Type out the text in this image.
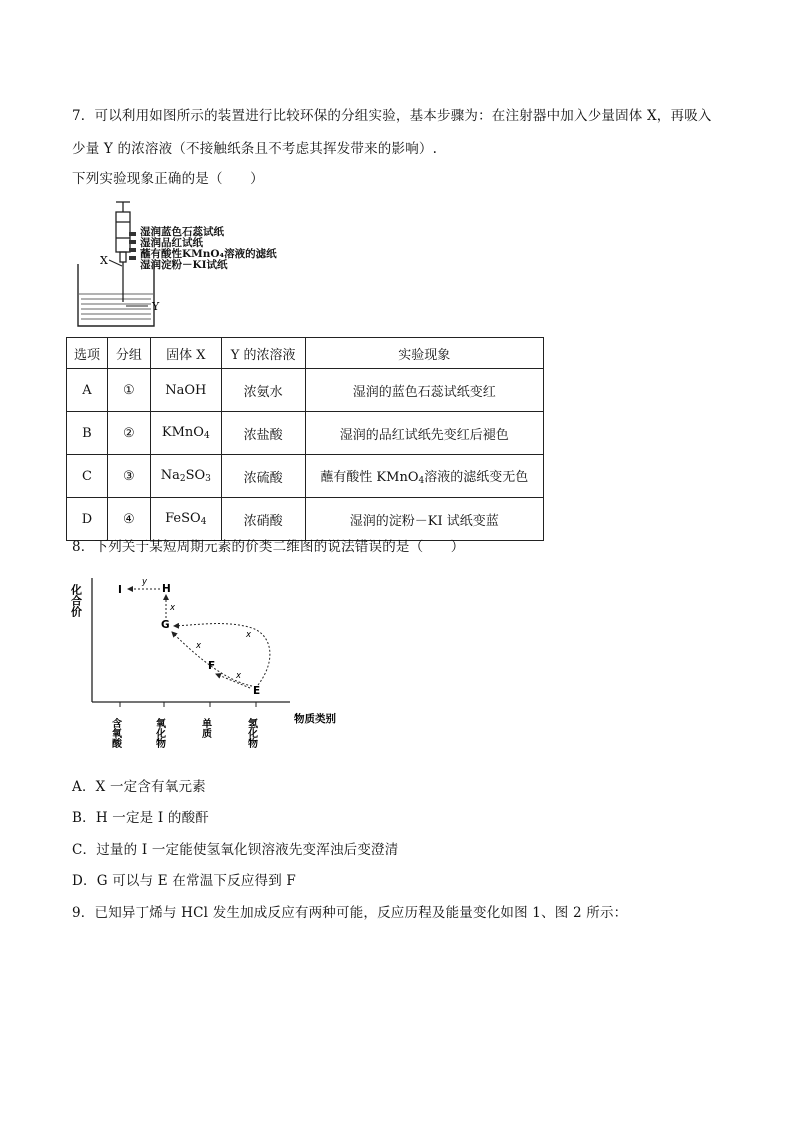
7．可以利用如图所示的装置进行比较环保的分组实验，基本步骤为：在注射器中加入少量固体 X，再吸入
少量 Y 的浓溶液（不接触纸条且不考虑其挥发带来的影响）.
下列实验现象正确的是（　　）
湿润蓝色石蕊试纸
湿润品红试纸
蘸有酸性KMnO₄溶液的滤纸
湿润淀粉－KI试纸
X
Y
选项	分组	固体 X	Y 的浓溶液	实验现象
A	①	NaOH	浓氨水	湿润的蓝色石蕊试纸变红
B	②	KMnO$_4$	浓盐酸	湿润的品红试纸先变红后褪色
C	③	$Na_2SO_3$	浓硫酸	蘸有酸性 KMnO$_4$溶液的滤纸变无色
D	④	FeSO$_4$	浓硝酸	湿润的淀粉－KI 试纸变蓝
8．下列关于某短周期元素的价类二维图的说法错误的是（　　）
化合价
物质类别
含氧酸	氧化物	单质	氢化物
I	H
G
F
E
y
x
x
x
x
A．X 一定含有氧元素
B．H 一定是 I 的酸酐
C．过量的 I 一定能使氢氧化钡溶液先变浑浊后变澄清
D．G 可以与 E 在常温下反应得到 F
9．已知异丁烯与 HCl 发生加成反应有两种可能，反应历程及能量变化如图 1、图 2 所示：
